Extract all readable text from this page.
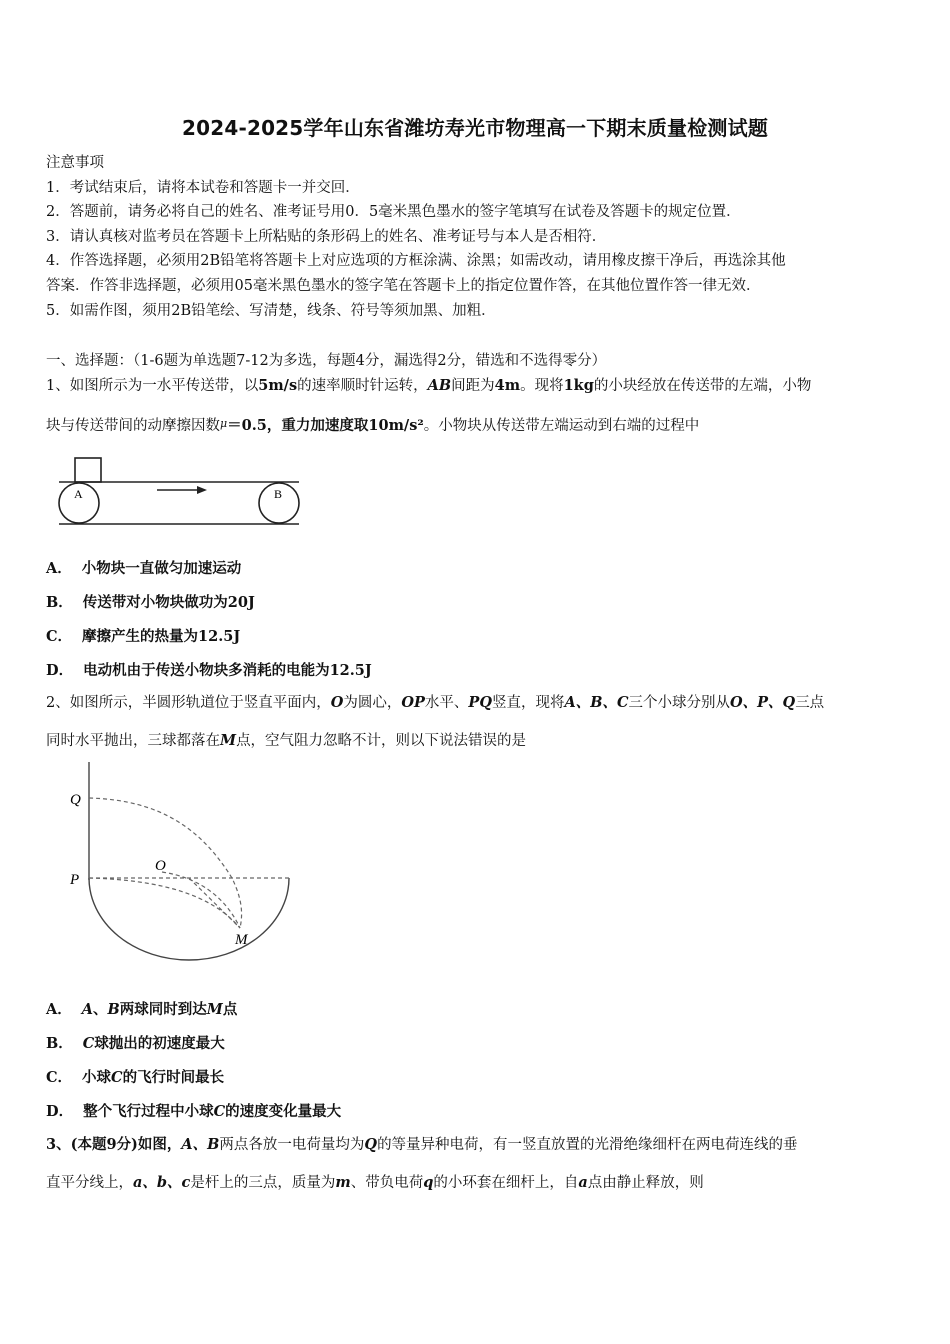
2024-2025学年山东省潍坊寿光市物理高一下期末质量检测试题
注意事项
1．考试结束后，请将本试卷和答题卡一并交回．
2．答题前，请务必将自己的姓名、准考证号用0．5毫米黑色墨水的签字笔填写在试卷及答题卡的规定位置．
3．请认真核对监考员在答题卡上所粘贴的条形码上的姓名、准考证号与本人是否相符．
4．作答选择题，必须用2B铅笔将答题卡上对应选项的方框涂满、涂黑；如需改动，请用橡皮擦干净后，再选涂其他
答案．作答非选择题，必须用05毫米黑色墨水的签字笔在答题卡上的指定位置作答，在其他位置作答一律无效．
5．如需作图，须用2B铅笔绘、写清楚，线条、符号等须加黑、加粗．
一、选择题：（1-6题为单选题7-12为多选，每题4分，漏选得2分，错选和不选得零分）
1、如图所示为一水平传送带，以5m/s的速率顺时针运转，AB间距为4m。现将1kg的小块经放在传送带的左端，小物
块与传送带间的动摩擦因数$^\mu$＝0.5，重力加速度取10m/s²。小物块从传送带左端运动到右端的过程中
A	B
A． 小物块一直做匀加速运动
B． 传送带对小物块做功为20J
C． 摩擦产生的热量为12.5J
D． 电动机由于传送小物块多消耗的电能为12.5J
2、如图所示，半圆形轨道位于竖直平面内，O为圆心，OP水平、PQ竖直，现将A、B、C三个小球分别从O、P、Q三点
同时水平抛出，三球都落在M点，空气阻力忽略不计，则以下说法错误的是
Q
P
O
M
A． A、B两球同时到达M点
B． C球抛出的初速度最大
C． 小球C的飞行时间最长
D． 整个飞行过程中小球C的速度变化量最大
3、(本题9分)如图，A、B两点各放一电荷量均为Q的等量异种电荷，有一竖直放置的光滑绝缘细杆在两电荷连线的垂
直平分线上，a、b、c是杆上的三点，质量为m、带负电荷q的小环套在细杆上，自a点由静止释放，则
